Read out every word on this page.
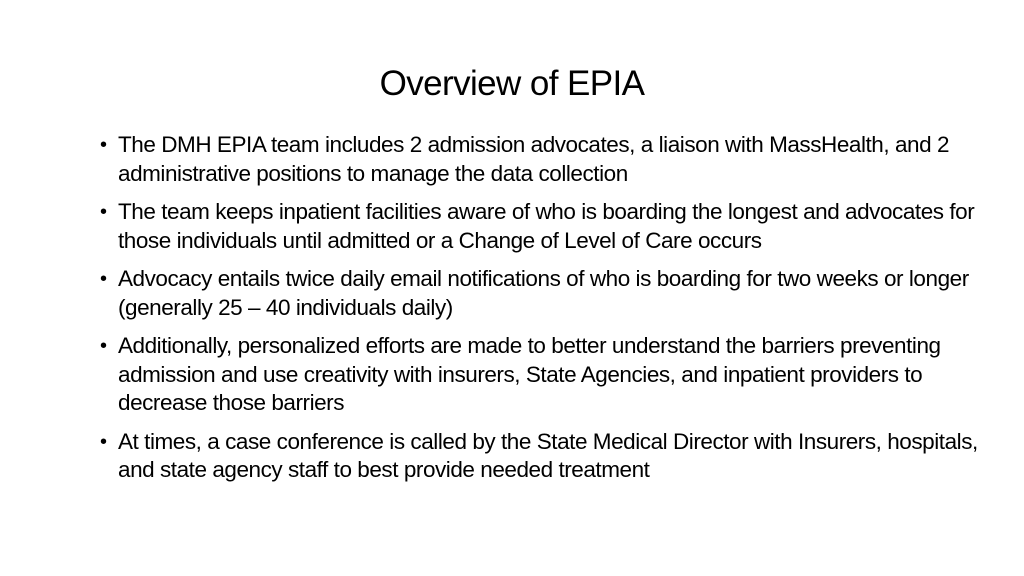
Overview of EPIA
• The DMH EPIA team includes 2 admission advocates, a liaison with MassHealth, and 2 administrative positions to manage the data collection
• The team keeps inpatient facilities aware of who is boarding the longest and advocates for those individuals until admitted or a Change of Level of Care occurs
• Advocacy entails twice daily email notifications of who is boarding for two weeks or longer (generally 25 – 40 individuals daily)
• Additionally, personalized efforts are made to better understand the barriers preventing admission and use creativity with insurers, State Agencies, and inpatient providers to decrease those barriers
• At times, a case conference is called by the State Medical Director with Insurers, hospitals, and state agency staff to best provide needed treatment
